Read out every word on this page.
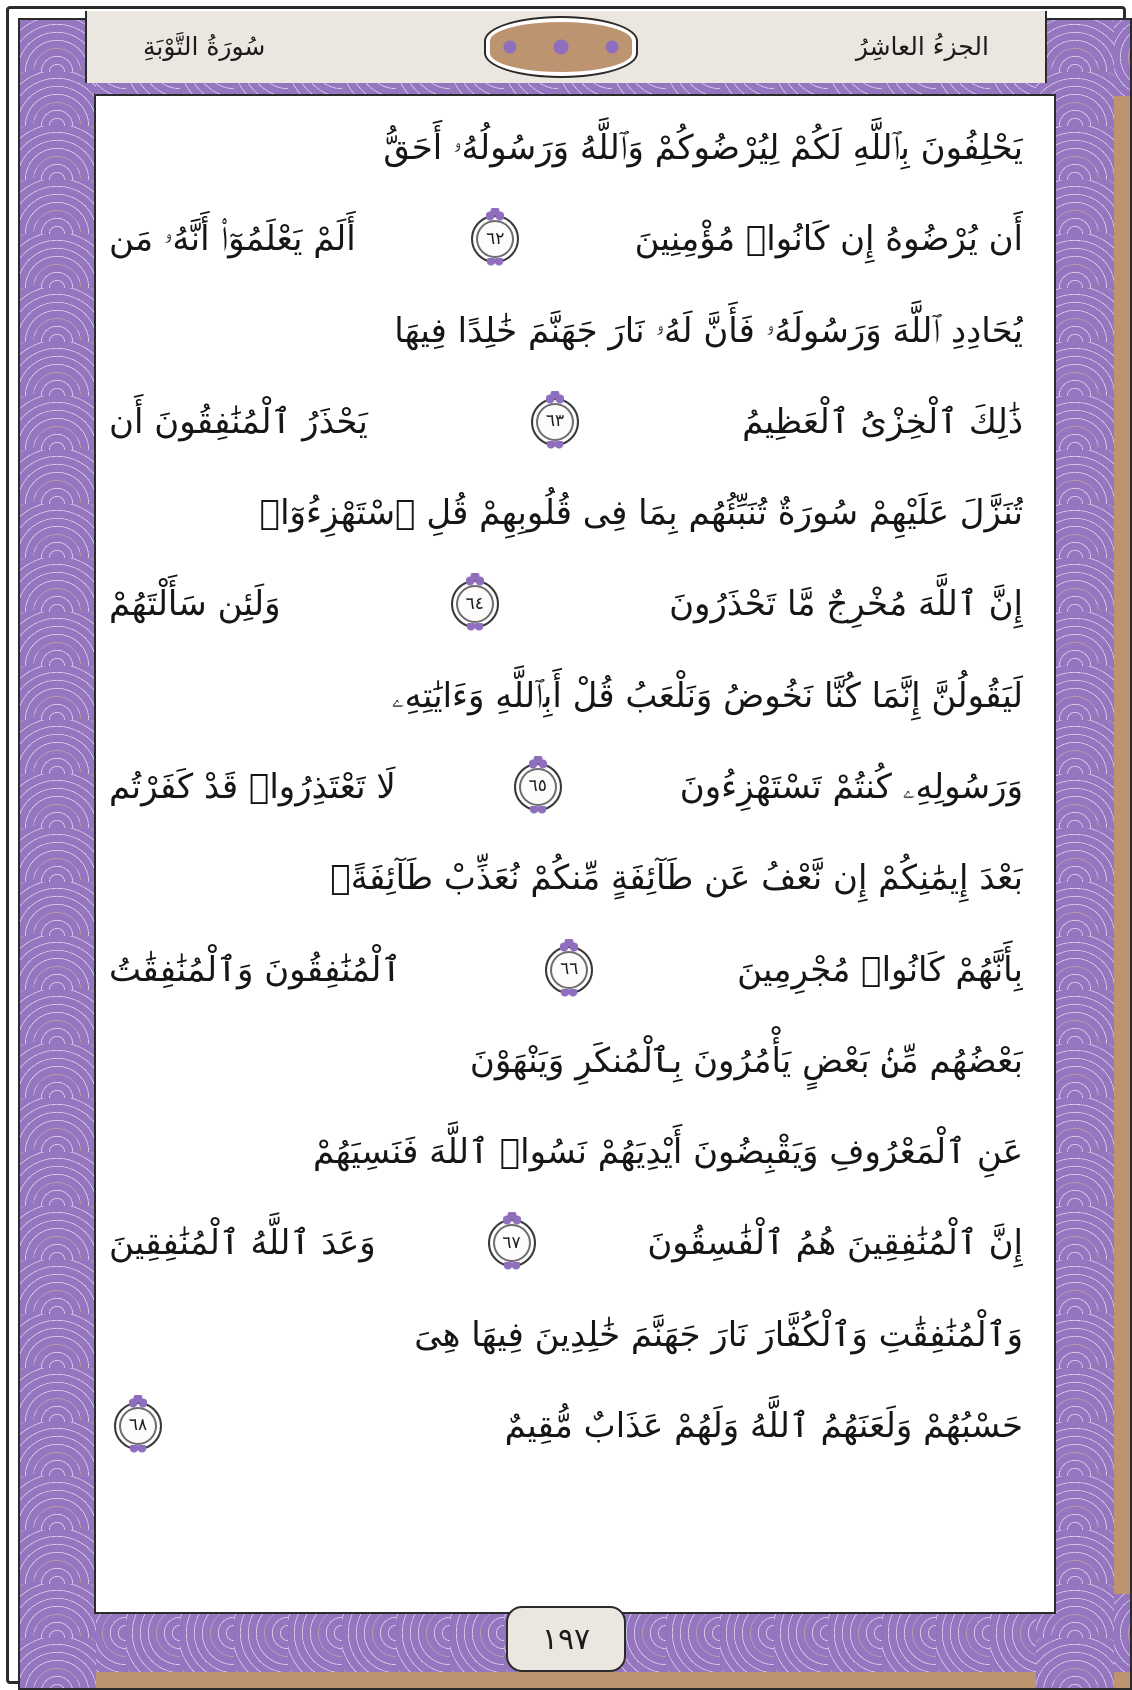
سُورَةُ التَّوْبَةِ	الجزءُ العاشِرُ
يَحْلِفُونَ بِٱللَّهِ لَكُمْ لِيُرْضُوكُمْ وَٱللَّهُ وَرَسُولُهُۥ أَحَقُّ
أَن يُرْضُوهُ إِن كَانُوا۟ مُؤْمِنِينَ
٦٢
أَلَمْ يَعْلَمُوٓا۟ أَنَّهُۥ مَن
يُحَادِدِ ٱللَّهَ وَرَسُولَهُۥ فَأَنَّ لَهُۥ نَارَ جَهَنَّمَ خَٰلِدًا فِيهَا
ذَٰلِكَ ٱلْخِزْىُ ٱلْعَظِيمُ
٦٣
يَحْذَرُ ٱلْمُنَٰفِقُونَ أَن
تُنَزَّلَ عَلَيْهِمْ سُورَةٌ تُنَبِّئُهُم بِمَا فِى قُلُوبِهِمْ قُلِ ٱسْتَهْزِءُوٓا۟
إِنَّ ٱللَّهَ مُخْرِجٌ مَّا تَحْذَرُونَ
٦٤
وَلَئِن سَأَلْتَهُمْ
لَيَقُولُنَّ إِنَّمَا كُنَّا نَخُوضُ وَنَلْعَبُ قُلْ أَبِٱللَّهِ وَءَايَٰتِهِۦ
وَرَسُولِهِۦ كُنتُمْ تَسْتَهْزِءُونَ
٦٥
لَا تَعْتَذِرُوا۟ قَدْ كَفَرْتُم
بَعْدَ إِيمَٰنِكُمْ إِن نَّعْفُ عَن طَآئِفَةٍ مِّنكُمْ نُعَذِّبْ طَآئِفَةًۢ
بِأَنَّهُمْ كَانُوا۟ مُجْرِمِينَ
٦٦
ٱلْمُنَٰفِقُونَ وَٱلْمُنَٰفِقَٰتُ
بَعْضُهُم مِّنۢ بَعْضٍ يَأْمُرُونَ بِٱلْمُنكَرِ وَيَنْهَوْنَ
عَنِ ٱلْمَعْرُوفِ وَيَقْبِضُونَ أَيْدِيَهُمْ نَسُوا۟ ٱللَّهَ فَنَسِيَهُمْ
إِنَّ ٱلْمُنَٰفِقِينَ هُمُ ٱلْفَٰسِقُونَ
٦٧
وَعَدَ ٱللَّهُ ٱلْمُنَٰفِقِينَ
وَٱلْمُنَٰفِقَٰتِ وَٱلْكُفَّارَ نَارَ جَهَنَّمَ خَٰلِدِينَ فِيهَا هِىَ
حَسْبُهُمْ وَلَعَنَهُمُ ٱللَّهُ وَلَهُمْ عَذَابٌ مُّقِيمٌ
٦٨
١٩٧
